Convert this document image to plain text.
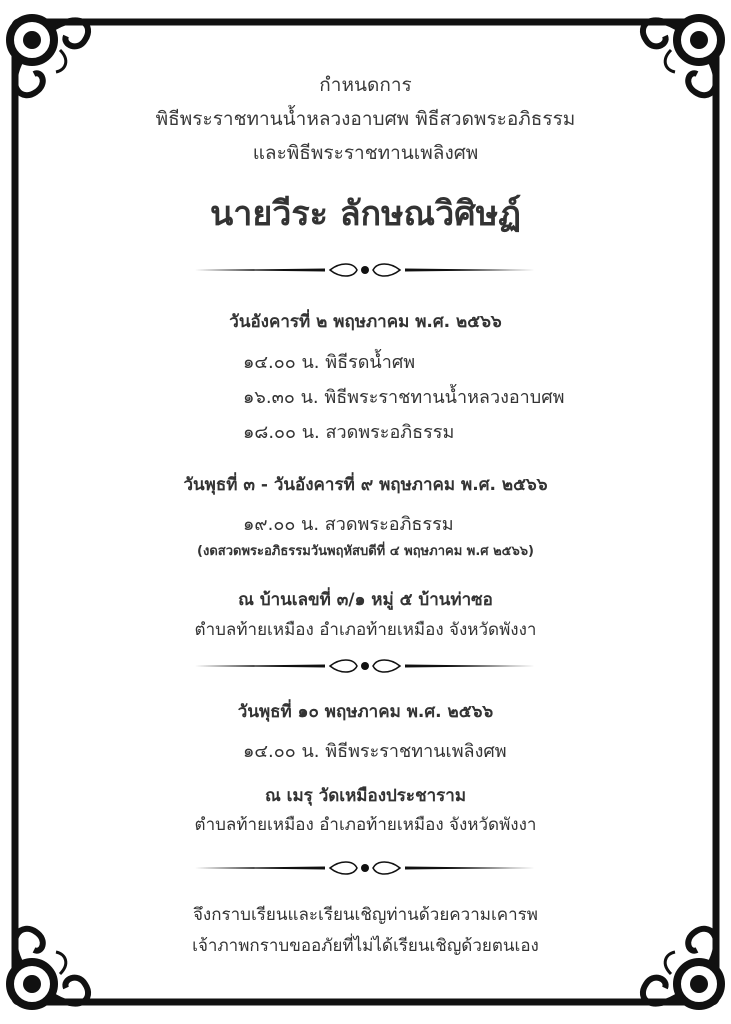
กำหนดการ
พิธีพระราชทานน้ำหลวงอาบศพ พิธีสวดพระอภิธรรม
และพิธีพระราชทานเพลิงศพ
นายวีระ ลักษณวิศิษฏ์
วันอังคารที่ ๒ พฤษภาคม พ.ศ. ๒๕๖๖
๑๔.๐๐ น. พิธีรดน้ำศพ
๑๖.๓๐ น. พิธีพระราชทานน้ำหลวงอาบศพ
๑๘.๐๐ น. สวดพระอภิธรรม
วันพุธที่ ๓ - วันอังคารที่ ๙ พฤษภาคม พ.ศ. ๒๕๖๖
๑๙.๐๐ น. สวดพระอภิธรรม
(งดสวดพระอภิธรรมวันพฤหัสบดีที่ ๔ พฤษภาคม พ.ศ ๒๕๖๖)
ณ บ้านเลขที่ ๓/๑ หมู่ ๕ บ้านท่าซอ
ตำบลท้ายเหมือง อำเภอท้ายเหมือง จังหวัดพังงา
วันพุธที่ ๑๐ พฤษภาคม พ.ศ. ๒๕๖๖
๑๔.๐๐ น. พิธีพระราชทานเพลิงศพ
ณ เมรุ วัดเหมืองประชาราม
ตำบลท้ายเหมือง อำเภอท้ายเหมือง จังหวัดพังงา
จึงกราบเรียนและเรียนเชิญท่านด้วยความเคารพ
เจ้าภาพกราบขออภัยที่ไม่ได้เรียนเชิญด้วยตนเอง
